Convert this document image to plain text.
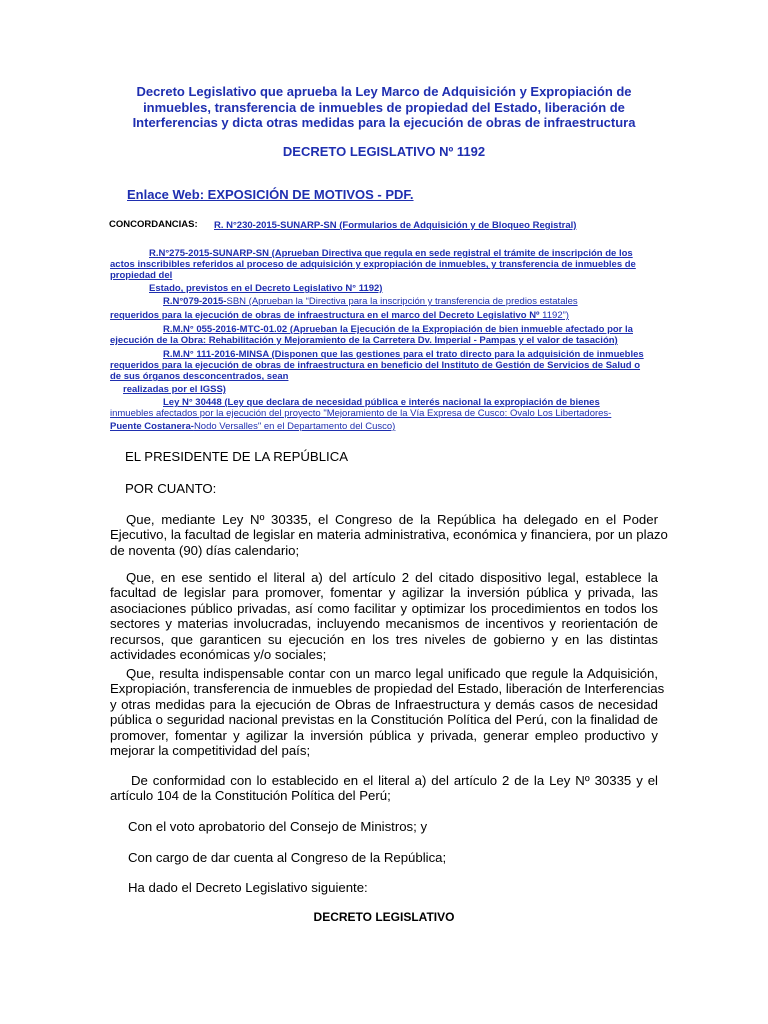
Decreto Legislativo que aprueba la Ley Marco de Adquisición y Expropiación de
inmuebles, transferencia de inmuebles de propiedad del Estado, liberación de
Interferencias y dicta otras medidas para la ejecución de obras de infraestructura
DECRETO LEGISLATIVO Nº 1192
Enlace Web: EXPOSICIÓN DE MOTIVOS - PDF.
CONCORDANCIAS: R. N°230-2015-SUNARP-SN (Formularios de Adquisición y de Bloqueo Registral)
R.N°275-2015-SUNARP-SN (Aprueban Directiva que regula en sede registral el trámite de inscripción de los
actos inscribibles referidos al proceso de adquisición y expropiación de inmuebles, y transferencia de inmuebles de
propiedad del
Estado, previstos en el Decreto Legislativo N° 1192)
R.N°079-2015-SBN (Aprueban la “Directiva para la inscripción y transferencia de predios estatales
requeridos para la ejecución de obras de infraestructura en el marco del Decreto Legislativo Nº 1192”)
R.M.N° 055-2016-MTC-01.02 (Aprueban la Ejecución de la Expropiación de bien inmueble afectado por la
ejecución de la Obra: Rehabilitación y Mejoramiento de la Carretera Dv. Imperial - Pampas y el valor de tasación)
R.M.N° 111-2016-MINSA (Disponen que las gestiones para el trato directo para la adquisición de inmuebles
requeridos para la ejecución de obras de infraestructura en beneficio del Instituto de Gestión de Servicios de Salud o
de sus órganos desconcentrados, sean
realizadas por el IGSS)
Ley N° 30448 (Ley que declara de necesidad pública e interés nacional la expropiación de bienes
inmuebles afectados por la ejecución del proyecto "Mejoramiento de la Vía Expresa de Cusco: Ovalo Los Libertadores-
Puente Costanera-Nodo Versalles" en el Departamento del Cusco)
EL PRESIDENTE DE LA REPÚBLICA
POR CUANTO:
Que, mediante Ley Nº 30335, el Congreso de la República ha delegado en el Poder
Ejecutivo, la facultad de legislar en materia administrativa, económica y financiera, por un plazo
de noventa (90) días calendario;
Que, en ese sentido el literal a) del artículo 2 del citado dispositivo legal, establece la
facultad de legislar para promover, fomentar y agilizar la inversión pública y privada, las
asociaciones público privadas, así como facilitar y optimizar los procedimientos en todos los
sectores y materias involucradas, incluyendo mecanismos de incentivos y reorientación de
recursos, que garanticen su ejecución en los tres niveles de gobierno y en las distintas
actividades económicas y/o sociales;
Que, resulta indispensable contar con un marco legal unificado que regule la Adquisición,
Expropiación, transferencia de inmuebles de propiedad del Estado, liberación de Interferencias
y otras medidas para la ejecución de Obras de Infraestructura y demás casos de necesidad
pública o seguridad nacional previstas en la Constitución Política del Perú, con la finalidad de
promover, fomentar y agilizar la inversión pública y privada, generar empleo productivo y
mejorar la competitividad del país;
De conformidad con lo establecido en el literal a) del artículo 2 de la Ley Nº 30335 y el
artículo 104 de la Constitución Política del Perú;
Con el voto aprobatorio del Consejo de Ministros; y
Con cargo de dar cuenta al Congreso de la República;
Ha dado el Decreto Legislativo siguiente:
DECRETO LEGISLATIVO
